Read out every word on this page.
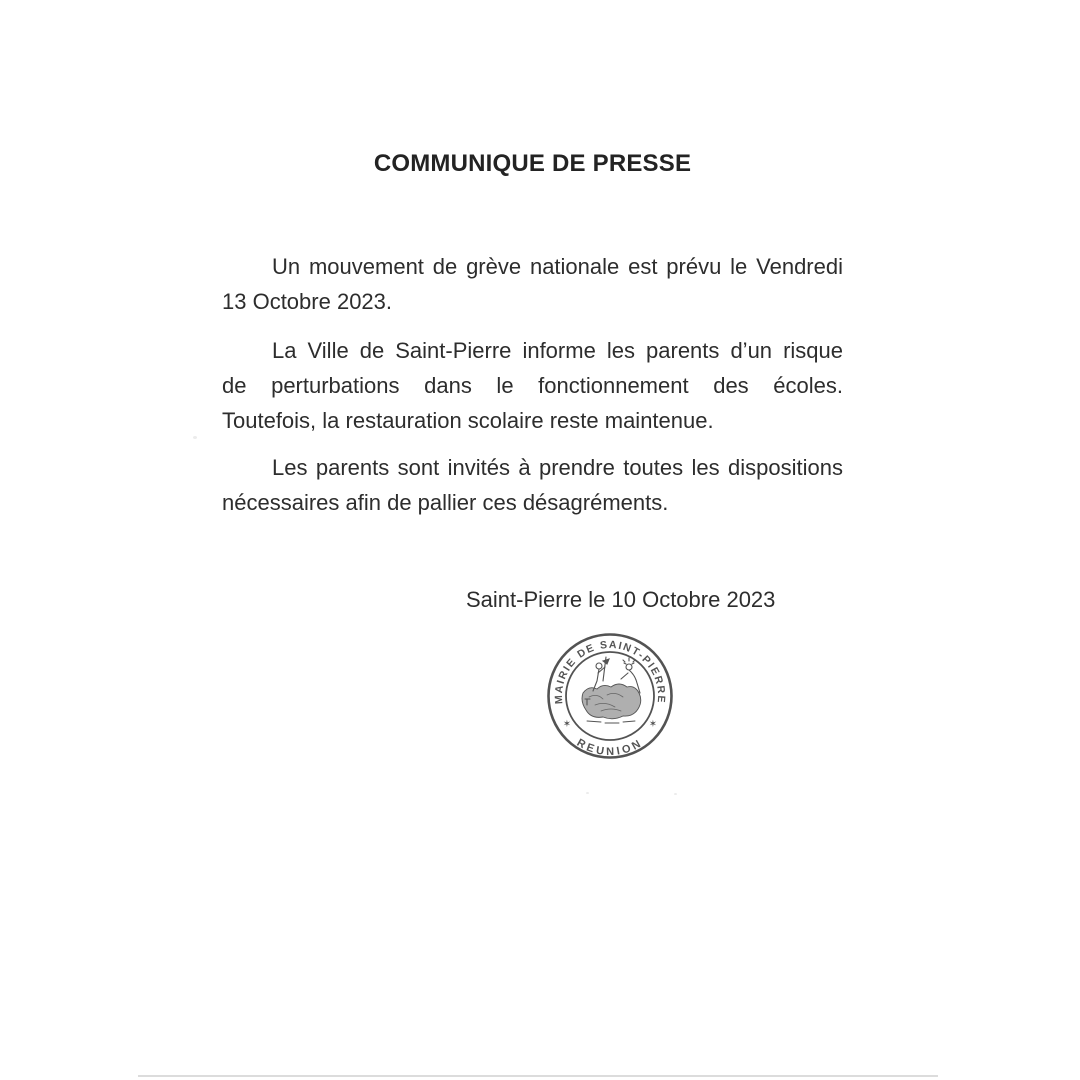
COMMUNIQUE DE PRESSE
Un mouvement de grève nationale est prévu le Vendredi
13 Octobre 2023.
La Ville de Saint-Pierre informe les parents d’un risque
de perturbations dans le fonctionnement des écoles.
Toutefois, la restauration scolaire reste maintenue.
Les parents sont invités à prendre toutes les dispositions
nécessaires afin de pallier ces désagréments.
Saint-Pierre le 10 Octobre 2023
MAIRIE DE SAINT-PIERRE
REUNION
✶	✶
